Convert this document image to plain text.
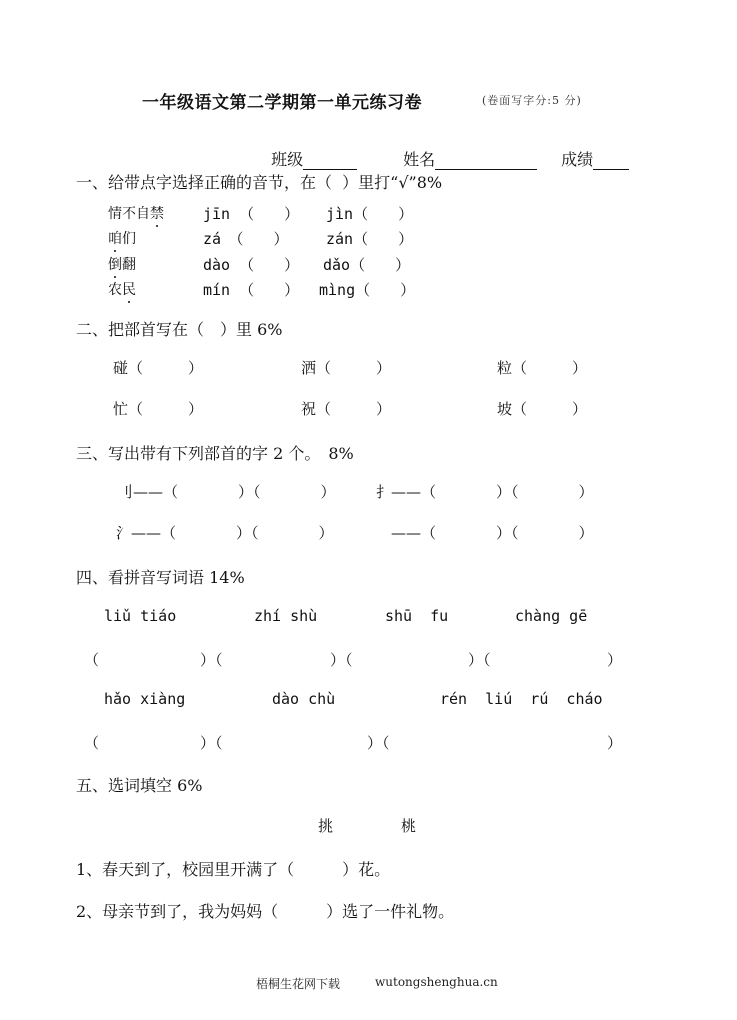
一年级语文第二学期第一单元练习卷	(卷面写字分:5 分)

班级	姓名	成绩

一、给带点字选择正确的音节，在（  ）里打“√”8%
情不自禁	jīn （　　） jìn（　　）
咱们	zá　（　　） zán（　　）
倒翻	dào （　　） dǎo（　　）
农民	mín （　　） mìng（　　）
二、把部首写在（　）里 6%
碰（　　　）	洒（　　　）	粒（　　　）
忙（　　　）	祝（　　　）	坡（　　　）
三、写出带有下列部首的字 2 个。　8%
刂——（　　　　）（　　　　）	扌——（　　　　）（　　　　）
氵——（　　　　）（　　　　）	——（　　　　）（　　　　）
四、看拼音写词语 14%
liǔ tiáo	zhí shù	shū  fu	chàng gē
（	）（	）（	）（	）
hǎo xiàng	dào chù	rén  liú  rú  cháo
（	）（	）（	）
五、选词填空 6%
挑	桃
1、春天到了，校园里开满了（　　　）花。
2、母亲节到了，我为妈妈（　　　）选了一件礼物。
梧桐生花网下载	wutongshenghua.cn
